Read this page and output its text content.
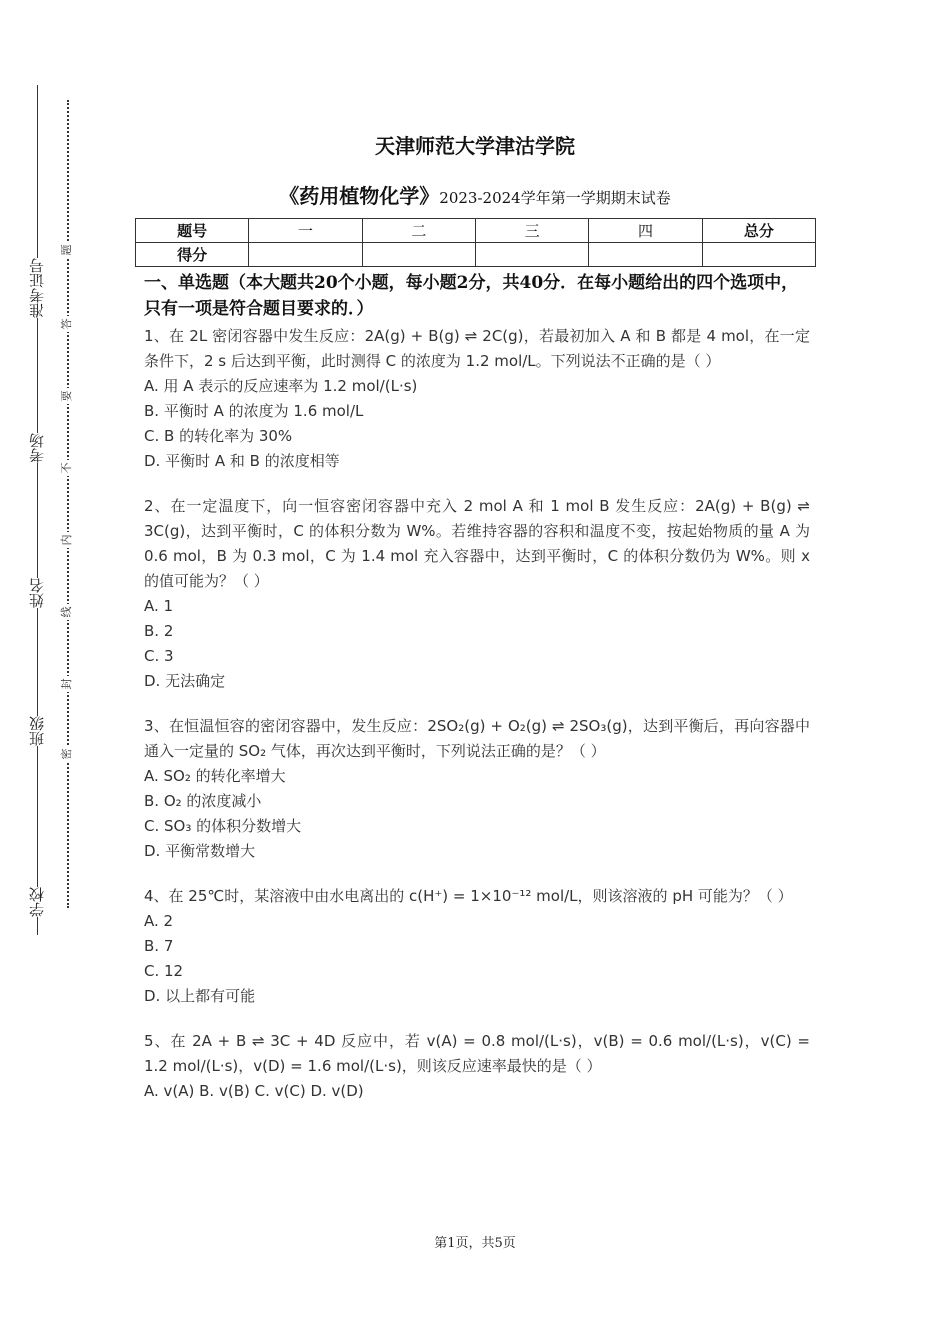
准考证号
考场
姓名
班级
学校
题
答
要
不
内
线
封
密
天津师范大学津沽学院
《药用植物化学》2023-2024学年第一学期期末试卷
题号	一	二	三	四	总分
得分					
一、单选题（本大题共20个小题，每小题2分，共40分．在每小题给出的四个选项中，只有一项是符合题目要求的．）
1、在 2L 密闭容器中发生反应：2A(g) + B(g) ⇌ 2C(g)，若最初加入 A 和 B 都是 4 mol，在一定条件下，2 s 后达到平衡，此时测得 C 的浓度为 1.2 mol/L。下列说法不正确的是（ ）
A. 用 A 表示的反应速率为 1.2 mol/(L·s)
B. 平衡时 A 的浓度为 1.6 mol/L
C. B 的转化率为 30%
D. 平衡时 A 和 B 的浓度相等
2、在一定温度下，向一恒容密闭容器中充入 2 mol A 和 1 mol B 发生反应：2A(g) + B(g) ⇌ 3C(g)，达到平衡时，C 的体积分数为 W%。若维持容器的容积和温度不变，按起始物质的量 A 为 0.6 mol，B 为 0.3 mol，C 为 1.4 mol 充入容器中，达到平衡时，C 的体积分数仍为 W%。则 x 的值可能为？（ ）
A. 1
B. 2
C. 3
D. 无法确定
3、在恒温恒容的密闭容器中，发生反应：2SO₂(g) + O₂(g) ⇌ 2SO₃(g)，达到平衡后，再向容器中通入一定量的 SO₂ 气体，再次达到平衡时，下列说法正确的是？（ ）
A. SO₂ 的转化率增大
B. O₂ 的浓度减小
C. SO₃ 的体积分数增大
D. 平衡常数增大
4、在 25℃时，某溶液中由水电离出的 c(H⁺) = 1×10⁻¹² mol/L，则该溶液的 pH 可能为？（ ）
A. 2
B. 7
C. 12
D. 以上都有可能
5、在 2A + B ⇌ 3C + 4D 反应中，若 v(A) = 0.8 mol/(L·s)，v(B) = 0.6 mol/(L·s)，v(C) = 1.2 mol/(L·s)，v(D) = 1.6 mol/(L·s)，则该反应速率最快的是（ ）
A. v(A) B. v(B) C. v(C) D. v(D)
第1页，共5页
